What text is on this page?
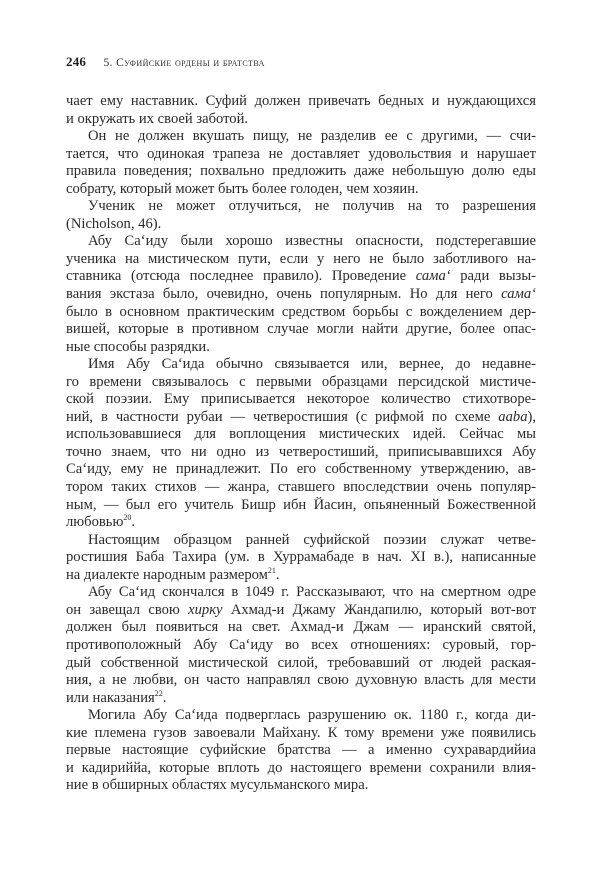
246 5. Суфийские ордены и братства
чает ему наставник. Суфий должен привечать бедных и нуждающихся
и окружать их своей заботой.
Он не должен вкушать пищу, не разделив ее с другими, — счи-
тается, что одинокая трапеза не доставляет удовольствия и нарушает
правила поведения; похвально предложить даже небольшую долю еды
собрату, который может быть более голоден, чем хозяин.
Ученик не может отлучиться, не получив на то разрешения
(Nicholson, 46).
Абу Са‘иду были хорошо известны опасности, подстерегавшие
ученика на мистическом пути, если у него не было заботливого на-
ставника (отсюда последнее правило). Проведение сама‘ ради вызы-
вания экстаза было, очевидно, очень популярным. Но для него сама‘
было в основном практическим средством борьбы с вожделением дер-
вишей, которые в противном случае могли найти другие, более опас-
ные способы разрядки.
Имя Абу Са‘ида обычно связывается или, вернее, до недавне-
го времени связывалось с первыми образцами персидской мистиче-
ской поэзии. Ему приписывается некоторое количество стихотворе-
ний, в частности рубаи — четверостишия (с рифмой по схеме aaba),
использовавшиеся для воплощения мистических идей. Сейчас мы
точно знаем, что ни одно из четверостиший, приписывавшихся Абу
Са‘иду, ему не принадлежит. По его собственному утверждению, ав-
тором таких стихов — жанра, ставшего впоследствии очень популяр-
ным, — был его учитель Бишр ибн Йасин, опьяненный Божественной
любовью$^{20}$.
Настоящим образцом ранней суфийской поэзии служат четве-
ростишия Баба Тахира (ум. в Хуррамабаде в нач. XI в.), написанные
на диалекте народным размером$^{21}$.
Абу Са‘ид скончался в 1049 г. Рассказывают, что на смертном одре
он завещал свою хирку Ахмад-и Джаму Жандапилю, который вот-вот
должен был появиться на свет. Ахмад-и Джам — иранский святой,
противоположный Абу Са‘иду во всех отношениях: суровый, гор-
дый собственной мистической силой, требовавший от людей раская-
ния, а не любви, он часто направлял свою духовную власть для мести
или наказания$^{22}$.
Могила Абу Са‘ида подверглась разрушению ок. 1180 г., когда ди-
кие племена гузов завоевали Майхану. К тому времени уже появились
первые настоящие суфийские братства — а именно сухравардийиа
и кадириййа, которые вплоть до настоящего времени сохранили влия-
ние в обширных областях мусульманского мира.
